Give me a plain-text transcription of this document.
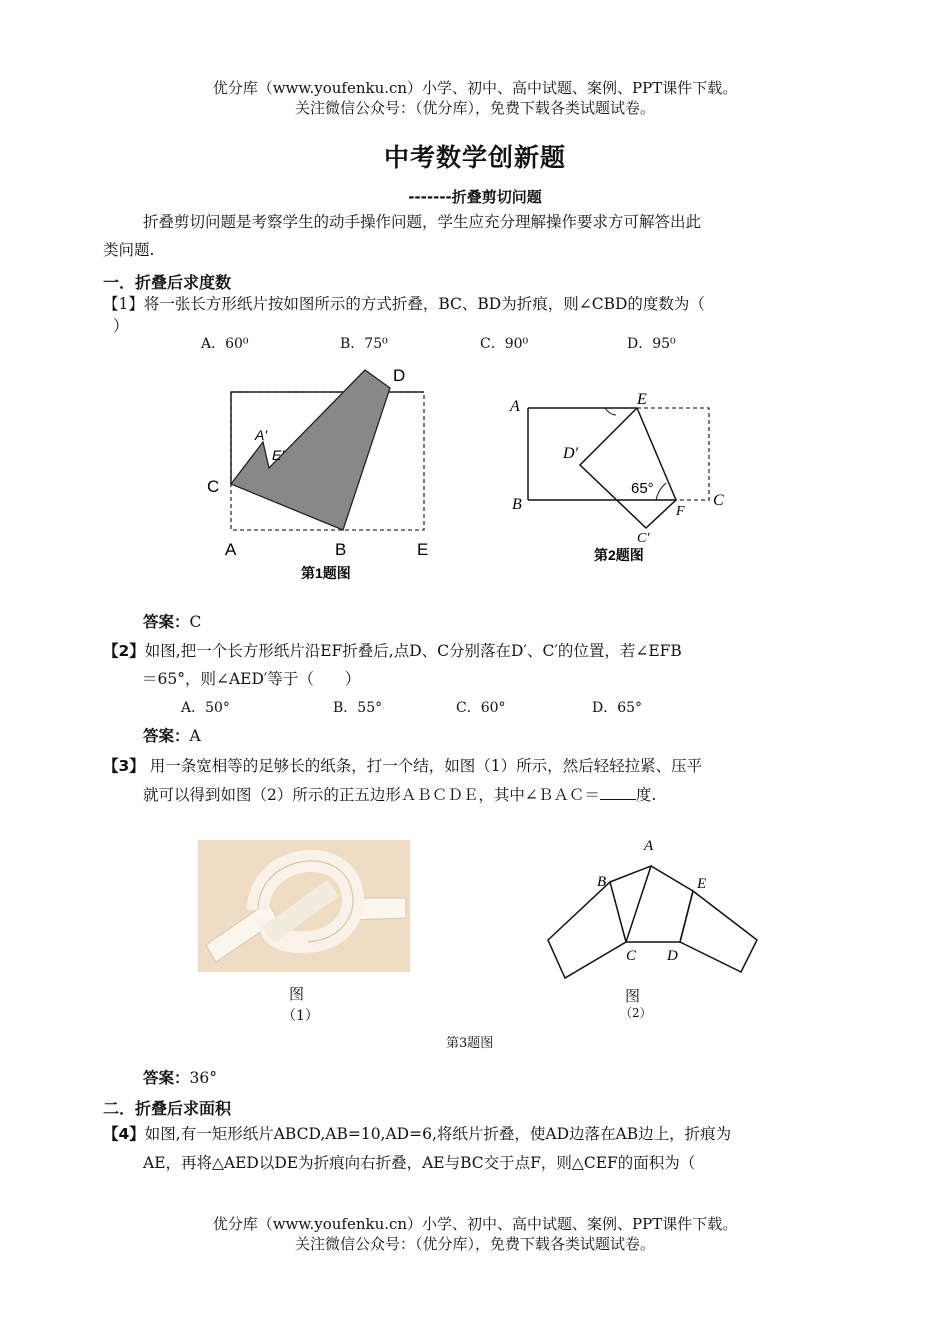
优分库（www.youfenku.cn）小学、初中、高中试题、案例、PPT课件下载。
关注微信公众号：（优分库），免费下载各类试题试卷。
中考数学创新题
-------折叠剪切问题
折叠剪切问题是考察学生的动手操作问题，学生应充分理解操作要求方可解答出此
类问题.
一．折叠后求度数
【1】将一张长方形纸片按如图所示的方式折叠，BC、BD为折痕，则∠CBD的度数为（
）
A．60⁰	B．75⁰	C．90⁰	D．95⁰
D
A'
E'
C
A	B	E
第1题图
A	E
D′
65°
B	F
C
C′
第2题图
答案：C
【2】如图,把一个长方形纸片沿EF折叠后,点D、C分别落在D′、C′的位置，若∠EFB
＝65°，则∠AED′等于（　　）
A．50°	B．55°	C．60°	D．65°
答案：A
【3】 用一条宽相等的足够长的纸条，打一个结，如图（1）所示，然后轻轻拉紧、压平
就可以得到如图（2）所示的正五边形ＡＢＣＤＥ，其中∠ＢＡＣ＝ 度.
A
B	E
C D
图
（1）
图
（2）
第3题图
答案：36°
二．折叠后求面积
【4】如图,有一矩形纸片ABCD,AB=10,AD=6,将纸片折叠，使AD边落在AB边上，折痕为
AE，再将△AED以DE为折痕向右折叠，AE与BC交于点F，则△CEF的面积为（
优分库（www.youfenku.cn）小学、初中、高中试题、案例、PPT课件下载。
关注微信公众号：（优分库），免费下载各类试题试卷。
